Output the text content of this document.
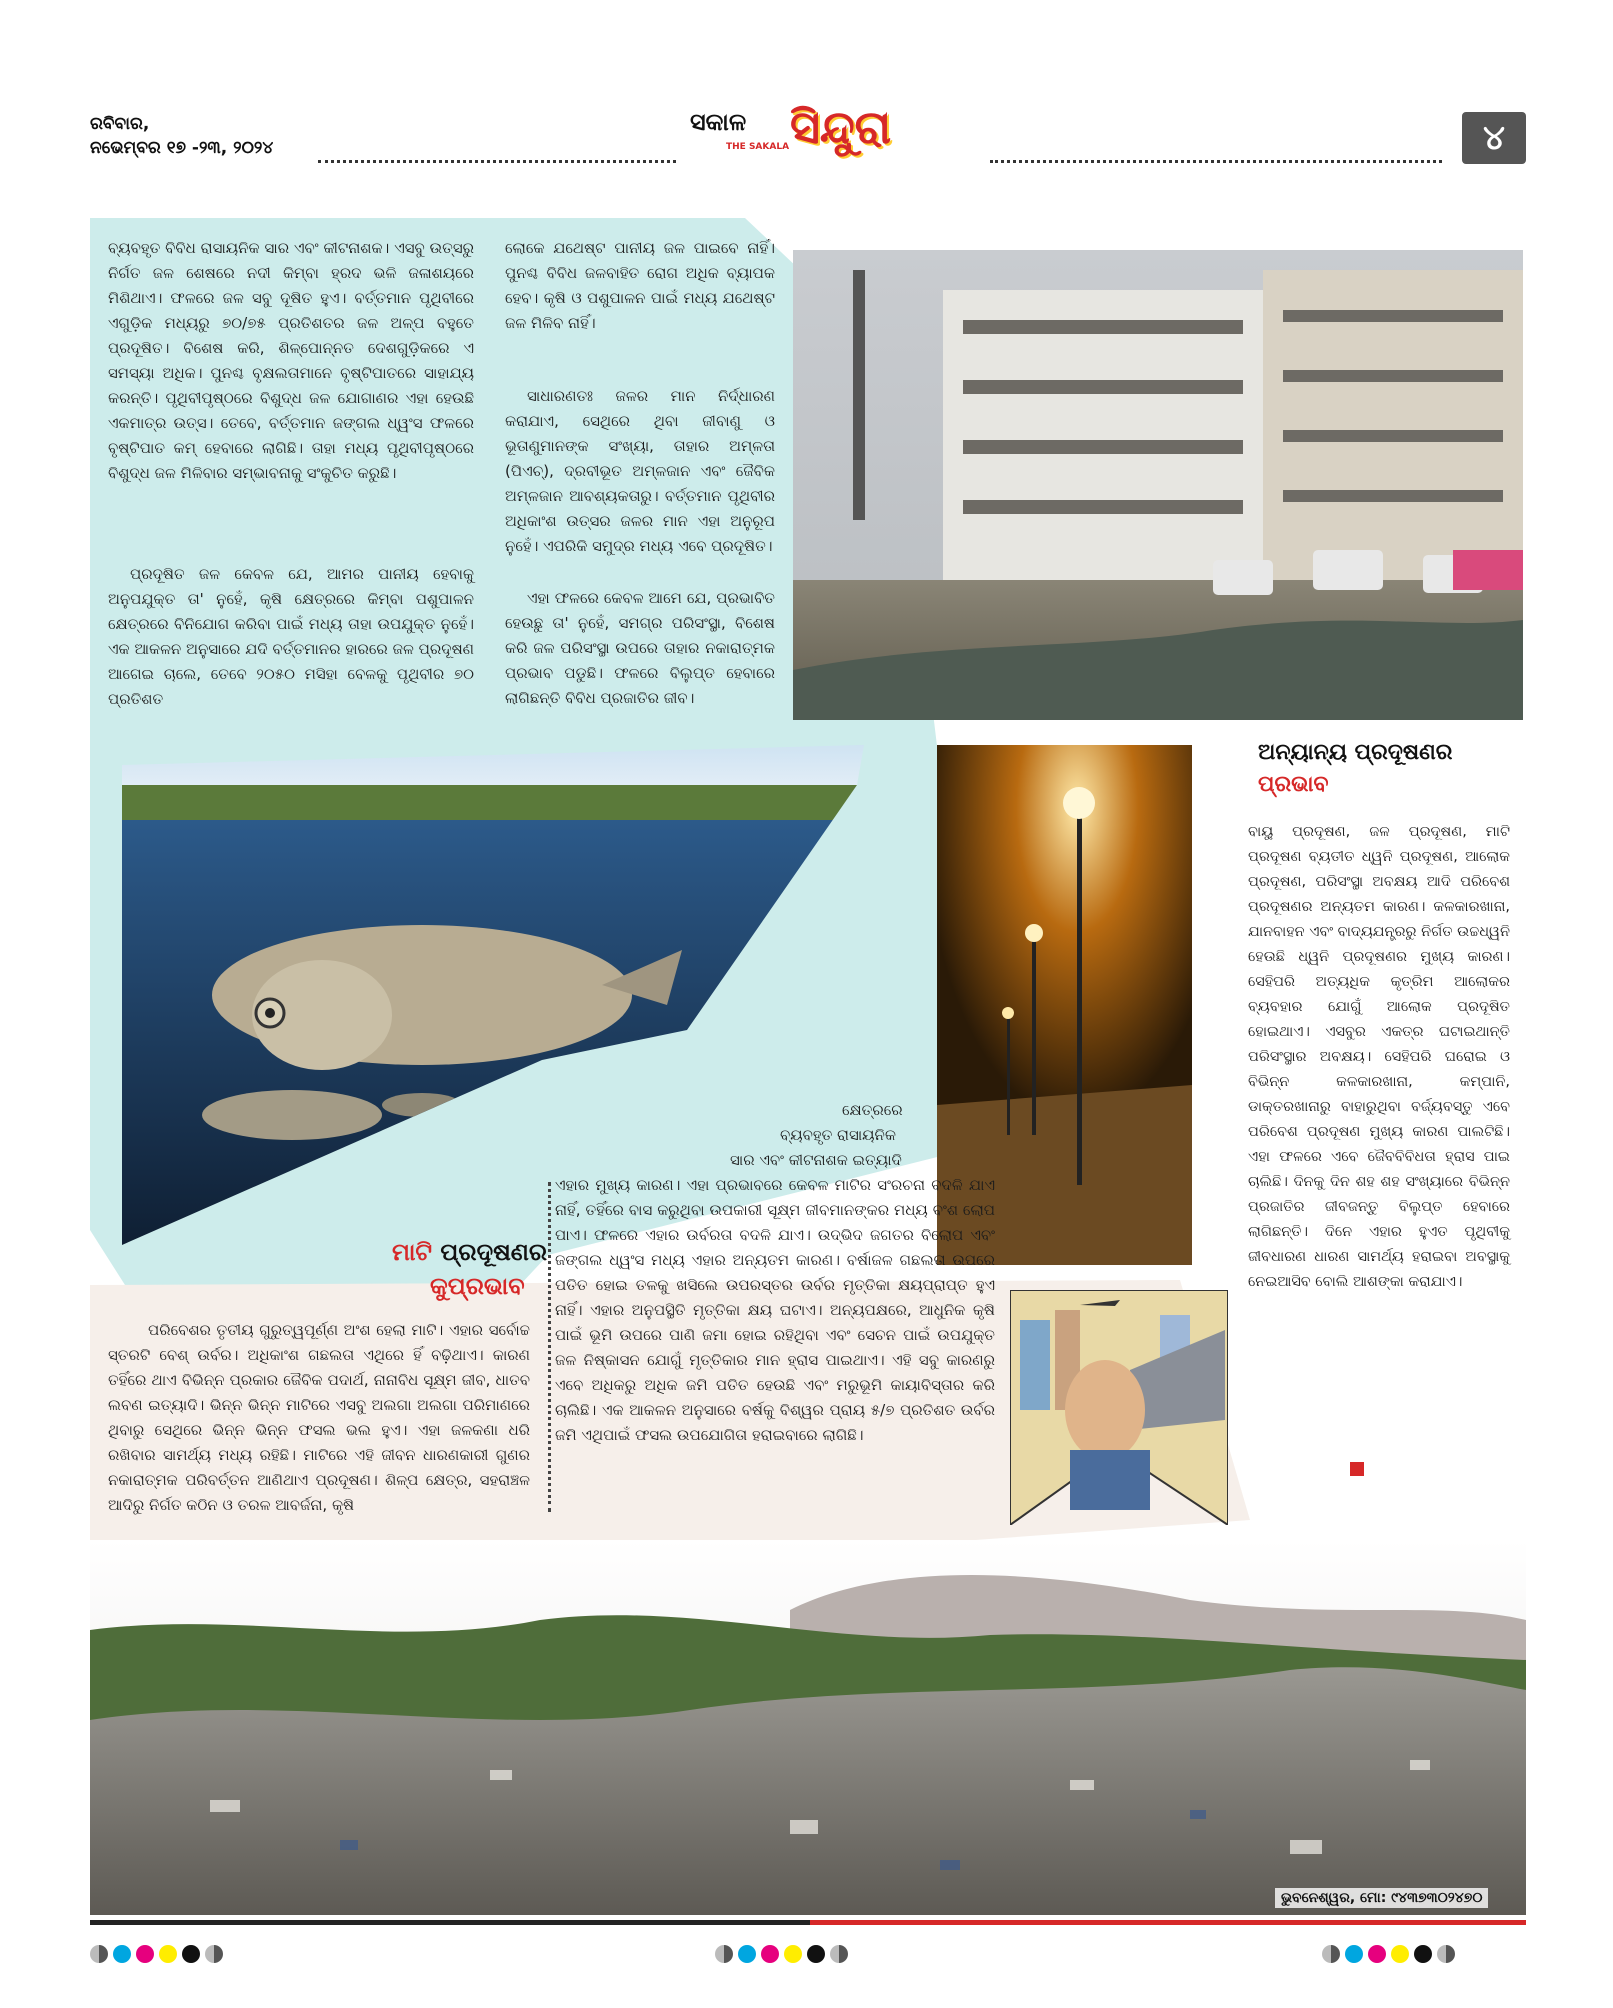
ରବିବାର,
ନଭେମ୍ବର ୧୭ -୨୩, ୨୦୨୪
ସକାଳ
THE SAKALA ସିନ୍ଦୁରା	୪
ବ୍ୟବହୃତ ବିବିଧ ରାସାୟନିକ ସାର ଏବଂ କୀଟନାଶକ। ଏସବୁ ଉତ୍ସରୁ ନିର୍ଗତ ଜଳ ଶେଷରେ ନଦୀ କିମ୍ବା ହ୍ରଦ ଭଳି ଜଳାଶୟରେ ମିଶିଥାଏ। ଫଳରେ ଜଳ ସବୁ ଦୂଷିତ ହୁଏ। ବର୍ତ୍ତମାନ ପୃଥିବୀରେ ଏଗୁଡ଼ିକ ମଧ୍ୟରୁ ୭୦/୭୫ ପ୍ରତିଶତର ଜଳ ଅଳ୍ପ ବହୁତେ ପ୍ରଦୂଷିତ। ବିଶେଷ କରି, ଶିଳ୍ପୋନ୍ନତ ଦେଶଗୁଡ଼ିକରେ ଏ ସମସ୍ୟା ଅଧିକ। ପୁନଶ୍ଚ ବୃକ୍ଷଲତାମାନେ ବୃଷ୍ଟିପାତରେ ସାହାଯ୍ୟ କରନ୍ତି। ପୃଥିବୀପୃଷ୍ଠରେ ବିଶୁଦ୍ଧ ଜଳ ଯୋଗାଣର ଏହା ହେଉଛି ଏକମାତ୍ର ଉତ୍ସ। ତେବେ, ବର୍ତ୍ତମାନ ଜଙ୍ଗଲ ଧ୍ୱଂସ ଫଳରେ ବୃଷ୍ଟିପାତ କମ୍ ହେବାରେ ଲାଗିଛି। ତାହା ମଧ୍ୟ ପୃଥିବୀପୃଷ୍ଠରେ ବିଶୁଦ୍ଧ ଜଳ ମିଳିବାର ସମ୍ଭାବନାକୁ ସଂକୁଚିତ କରୁଛି।
ପ୍ରଦୂଷିତ ଜଳ କେବଳ ଯେ, ଆମର ପାନୀୟ ହେବାକୁ ଅନୁପଯୁକ୍ତ ତା' ନୁହେଁ, କୃଷି କ୍ଷେତ୍ରରେ କିମ୍ବା ପଶୁପାଳନ କ୍ଷେତ୍ରରେ ବିନିଯୋଗ କରିବା ପାଇଁ ମଧ୍ୟ ତାହା ଉପଯୁକ୍ତ ନୁହେଁ। ଏକ ଆକଳନ ଅନୁସାରେ ଯଦି ବର୍ତ୍ତମାନର ହାରରେ ଜଳ ପ୍ରଦୂଷଣ ଆଗେଇ ଚାଲେ, ତେବେ ୨୦୫୦ ମସିହା ବେଳକୁ ପୃଥିବୀର ୭୦ ପ୍ରତିଶତ
ଲୋକେ ଯଥେଷ୍ଟ ପାନୀୟ ଜଳ ପାଇବେ ନାହିଁ। ପୁନଶ୍ଚ ବିବିଧ ଜଳବାହିତ ରୋଗ ଅଧିକ ବ୍ୟାପକ ହେବ। କୃଷି ଓ ପଶୁପାଳନ ପାଇଁ ମଧ୍ୟ ଯଥେଷ୍ଟ ଜଳ ମିଳିବ ନାହିଁ।
ସାଧାରଣତଃ ଜଳର ମାନ ନିର୍ଦ୍ଧାରଣ କରାଯାଏ, ସେଥିରେ ଥିବା ଜୀବାଣୁ ଓ ଭୂତାଣୁମାନଙ୍କ ସଂଖ୍ୟା, ତାହାର ଅମ୍ଳତା (ପିଏଚ୍), ଦ୍ରବୀଭୂତ ଅମ୍ଳଜାନ ଏବଂ ଜୈବିକ ଅମ୍ଳଜାନ ଆବଶ୍ୟକତାରୁ। ବର୍ତ୍ତମାନ ପୃଥିବୀର ଅଧିକାଂଶ ଉତ୍ସର ଜଳର ମାନ ଏହା ଅନୁରୂପ ନୁହେଁ। ଏପରିକି ସମୁଦ୍ର ମଧ୍ୟ ଏବେ ପ୍ରଦୂଷିତ।
ଏହା ଫଳରେ କେବଳ ଆମେ ଯେ, ପ୍ରଭାବିତ ହେଉଛୁ ତା' ନୁହେଁ, ସମଗ୍ର ପରିସଂସ୍ଥା, ବିଶେଷ କରି ଜଳ ପରିସଂସ୍ଥା ଉପରେ ତାହାର ନକାରାତ୍ମକ ପ୍ରଭାବ ପଡୁଛି। ଫଳରେ ବିଲୁପ୍ତ ହେବାରେ ଲାଗିଛନ୍ତି ବିବିଧ ପ୍ରଜାତିର ଜୀବ।
ଅନ୍ୟାନ୍ୟ ପ୍ରଦୂଷଣର
ପ୍ରଭାବ
ବାୟୁ ପ୍ରଦୂଷଣ, ଜଳ ପ୍ରଦୂଷଣ, ମାଟି ପ୍ରଦୂଷଣ ବ୍ୟତୀତ ଧ୍ୱନି ପ୍ରଦୂଷଣ, ଆଲୋକ ପ୍ରଦୂଷଣ, ପରିସଂସ୍ଥା ଅବକ୍ଷୟ ଆଦି ପରିବେଶ ପ୍ରଦୂଷଣର ଅନ୍ୟତମ କାରଣ। କଳକାରଖାନା, ଯାନବାହନ ଏବଂ ବାଦ୍ୟଯନ୍ତ୍ରରୁ ନିର୍ଗତ ଉଚ୍ଚଧ୍ୱନି ହେଉଛି ଧ୍ୱନି ପ୍ରଦୂଷଣର ମୁଖ୍ୟ କାରଣ। ସେହିପରି ଅତ୍ୟଧିକ କୃତ୍ରିମ ଆଲୋକର ବ୍ୟବହାର ଯୋଗୁଁ ଆଲୋକ ପ୍ରଦୂଷିତ ହୋଇଥାଏ। ଏସବୁର ଏକତ୍ର ଘଟାଇଥାନ୍ତି ପରିସଂସ୍ଥାର ଅବକ୍ଷୟ। ସେହିପରି ଘରୋଇ ଓ ବିଭିନ୍ନ କଳକାରଖାନା, କମ୍ପାନି, ଡାକ୍ତରଖାନାରୁ ବାହାରୁଥିବା ବର୍ଜ୍ୟବସ୍ତୁ ଏବେ ପରିବେଶ ପ୍ରଦୂଷଣ ମୁଖ୍ୟ କାରଣ ପାଲଟିଛି। ଏହା ଫଳରେ ଏବେ ଜୈବବିବିଧତା ହ୍ରାସ ପାଇ ଚାଲିଛି। ଦିନକୁ ଦିନ ଶହ ଶହ ସଂଖ୍ୟାରେ ବିଭିନ୍ନ ପ୍ରଜାତିର ଜୀବଜନ୍ତୁ ବିଲୁପ୍ତ ହେବାରେ ଲାଗିଛନ୍ତି। ଦିନେ ଏହାର ହୁଏତ ପୃଥିବୀକୁ ଜୀବଧାରଣ ଧାରଣ ସାମର୍ଥ୍ୟ ହରାଇବା ଅବସ୍ଥାକୁ ନେଇଆସିବ ବୋଲି ଆଶଙ୍କା କରାଯାଏ।
ମାଟି ପ୍ରଦୂଷଣର
କୁପ୍ରଭାବ
ପରିବେଶର ତୃତୀୟ ଗୁରୁତ୍ୱପୂର୍ଣ୍ଣ ଅଂଶ ହେଲା ମାଟି। ଏହାର ସର୍ବୋଚ୍ଚ ସ୍ତରଟି ବେଶ୍ ଉର୍ବର। ଅଧିକାଂଶ ଗଛଲତା ଏଥିରେ ହିଁ ବଢ଼ିଥାଏ। କାରଣ ତହିଁରେ ଥାଏ ବିଭିନ୍ନ ପ୍ରକାର ଜୈବିକ ପଦାର୍ଥ, ନାନାବିଧ ସୂକ୍ଷ୍ମ ଜୀବ, ଧାତବ ଲବଣ ଇତ୍ୟାଦି। ଭିନ୍ନ ଭିନ୍ନ ମାଟିରେ ଏସବୁ ଅଲଗା ଅଲଗା ପରିମାଣରେ ଥିବାରୁ ସେଥିରେ ଭିନ୍ନ ଭିନ୍ନ ଫସଲ ଭଲ ହୁଏ। ଏହା ଜଳକଣା ଧରି ରଖିବାର ସାମର୍ଥ୍ୟ ମଧ୍ୟ ରହିଛି। ମାଟିରେ ଏହି ଜୀବନ ଧାରଣକାରୀ ଗୁଣର ନକାରାତ୍ମକ ପରିବର୍ତ୍ତନ ଆଣିଥାଏ ପ୍ରଦୂଷଣ। ଶିଳ୍ପ କ୍ଷେତ୍ର, ସହରାଞ୍ଚଳ ଆଦିରୁ ନିର୍ଗତ କଠିନ ଓ ତରଳ ଆବର୍ଜନା, କୃଷି
କ୍ଷେତ୍ରରେ
ବ୍ୟବହୃତ ରାସାୟନିକ
ସାର ଏବଂ କୀଟନାଶକ ଇତ୍ୟାଦି
ଏହାର ମୁଖ୍ୟ କାରଣ। ଏହା ପ୍ରଭାବରେ କେବଳ ମାଟିର ସଂରଚନା ବଦଳି ଯାଏ ନାହିଁ, ତହିଁରେ ବାସ କରୁଥିବା ଉପକାରୀ ସୂକ୍ଷ୍ମ ଜୀବମାନଙ୍କର ମଧ୍ୟ ବଂଶ ଲୋପ ପାଏ। ଫଳରେ ଏହାର ଉର୍ବରତା ବଦଳି ଯାଏ। ଉଦ୍ଭିଦ ଜଗତର ବିଲୋପ ଏବଂ ଜଙ୍ଗଲ ଧ୍ୱଂସ ମଧ୍ୟ ଏହାର ଅନ୍ୟତମ କାରଣ। ବର୍ଷାଜଳ ଗଛଲତା ଉପରେ ପତିତ ହୋଇ ତଳକୁ ଖସିଲେ ଉପରସ୍ତର ଉର୍ବର ମୃତ୍ତିକା କ୍ଷୟପ୍ରାପ୍ତ ହୁଏ ନାହିଁ। ଏହାର ଅନୁପସ୍ଥିତି ମୃତ୍ତିକା କ୍ଷୟ ଘଟାଏ। ଅନ୍ୟପକ୍ଷରେ, ଆଧୁନିକ କୃଷି ପାଇଁ ଭୂମି ଉପରେ ପାଣି ଜମା ହୋଇ ରହିଥିବା ଏବଂ ସେଚନ ପାଇଁ ଉପଯୁକ୍ତ ଜଳ ନିଷ୍କାସନ ଯୋଗୁଁ ମୃତ୍ତିକାର ମାନ ହ୍ରାସ ପାଇଥାଏ। ଏହି ସବୁ କାରଣରୁ ଏବେ ଅଧିକରୁ ଅଧିକ ଜମି ପତିତ ହେଉଛି ଏବଂ ମରୁଭୂମି କାୟାବିସ୍ତାର କରି ଚାଲିଛି। ଏକ ଆକଳନ ଅନୁସାରେ ବର୍ଷକୁ ବିଶ୍ୱର ପ୍ରାୟ ୫/୭ ପ୍ରତିଶତ ଉର୍ବର ଜମି ଏଥିପାଇଁ ଫସଲ ଉପଯୋଗିତା ହରାଇବାରେ ଲାଗିଛି।
ଭୁବନେଶ୍ୱର, ମୋ: ୯୪୩୭୩୦୨୪୭୦
